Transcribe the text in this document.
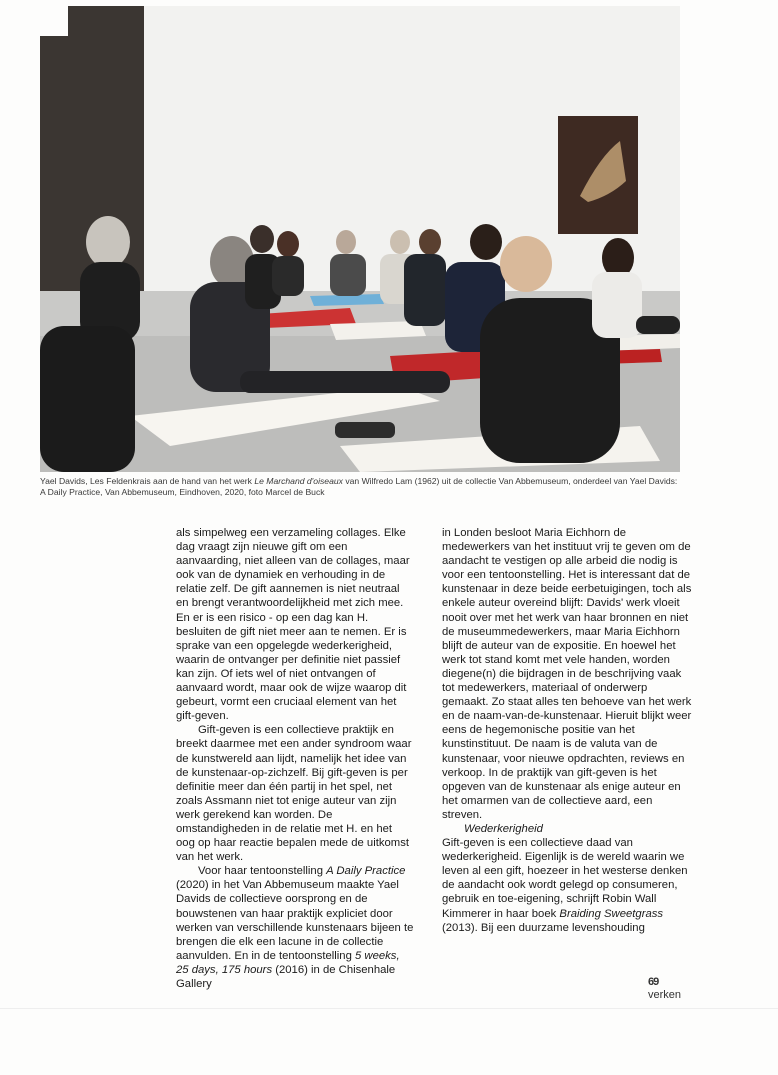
Yael Davids, Les Feldenkrais aan de hand van het werk Le Marchand d'oiseaux van Wilfredo Lam (1962) uit de collectie Van Abbemuseum, onderdeel van Yael Davids: A Daily Practice, Van Abbemuseum, Eindhoven, 2020, foto Marcel de Buck

als simpelweg een verzameling collages. Elke dag vraagt zijn nieuwe gift om een aanvaarding, niet alleen van de collages, maar ook van de dynamiek en verhouding in de relatie zelf. De gift aannemen is niet neutraal en brengt verantwoordelijkheid met zich mee. En er is een risico - op een dag kan H. besluiten de gift niet meer aan te nemen. Er is sprake van een opgelegde wederkerigheid, waarin de ontvanger per definitie niet passief kan zijn. Of iets wel of niet ontvangen of aanvaard wordt, maar ook de wijze waarop dit gebeurt, vormt een cruciaal element van het gift-geven.

Gift-geven is een collectieve praktijk en breekt daarmee met een ander syndroom waar de kunstwereld aan lijdt, namelijk het idee van de kunstenaar-op-zichzelf. Bij gift-geven is per definitie meer dan één partij in het spel, net zoals Assmann niet tot enige auteur van zijn werk gerekend kan worden. De omstandigheden in de relatie met H. en het oog op haar reactie bepalen mede de uitkomst van het werk.

Voor haar tentoonstelling A Daily Practice (2020) in het Van Abbemuseum maakte Yael Davids de collectieve oorsprong en de bouwstenen van haar praktijk expliciet door werken van verschillende kunstenaars bijeen te brengen die elk een lacune in de collectie aanvulden. En in de tentoonstelling 5 weeks, 25 days, 175 hours (2016) in de Chisenhale Gallery

in Londen besloot Maria Eichhorn de medewerkers van het instituut vrij te geven om de aandacht te vestigen op alle arbeid die nodig is voor een tentoonstelling. Het is interessant dat de kunstenaar in deze beide eerbetuigingen, toch als enkele auteur overeind blijft: Davids' werk vloeit nooit over met het werk van haar bronnen en niet de museummedewerkers, maar Maria Eichhorn blijft de auteur van de expositie. En hoewel het werk tot stand komt met vele handen, worden diegene(n) die bijdragen in de beschrijving vaak tot medewerkers, materiaal of onderwerp gemaakt. Zo staat alles ten behoeve van het werk en de naam-van-de-kunstenaar. Hieruit blijkt weer eens de hegemonische positie van het kunstinstituut. De naam is de valuta van de kunstenaar, voor nieuwe opdrachten, reviews en verkoop. In de praktijk van gift-geven is het opgeven van de kunstenaar als enige auteur en het omarmen van de collectieve aard, een streven.

Wederkerigheid

Gift-geven is een collectieve daad van wederkerigheid. Eigenlijk is de wereld waarin we leven al een gift, hoezeer in het westerse denken de aandacht ook wordt gelegd op consumeren, gebruik en toe-eigening, schrijft Robin Wall Kimmerer in haar boek Braiding Sweetgrass (2013). Bij een duurzame levenshouding

69
verken
